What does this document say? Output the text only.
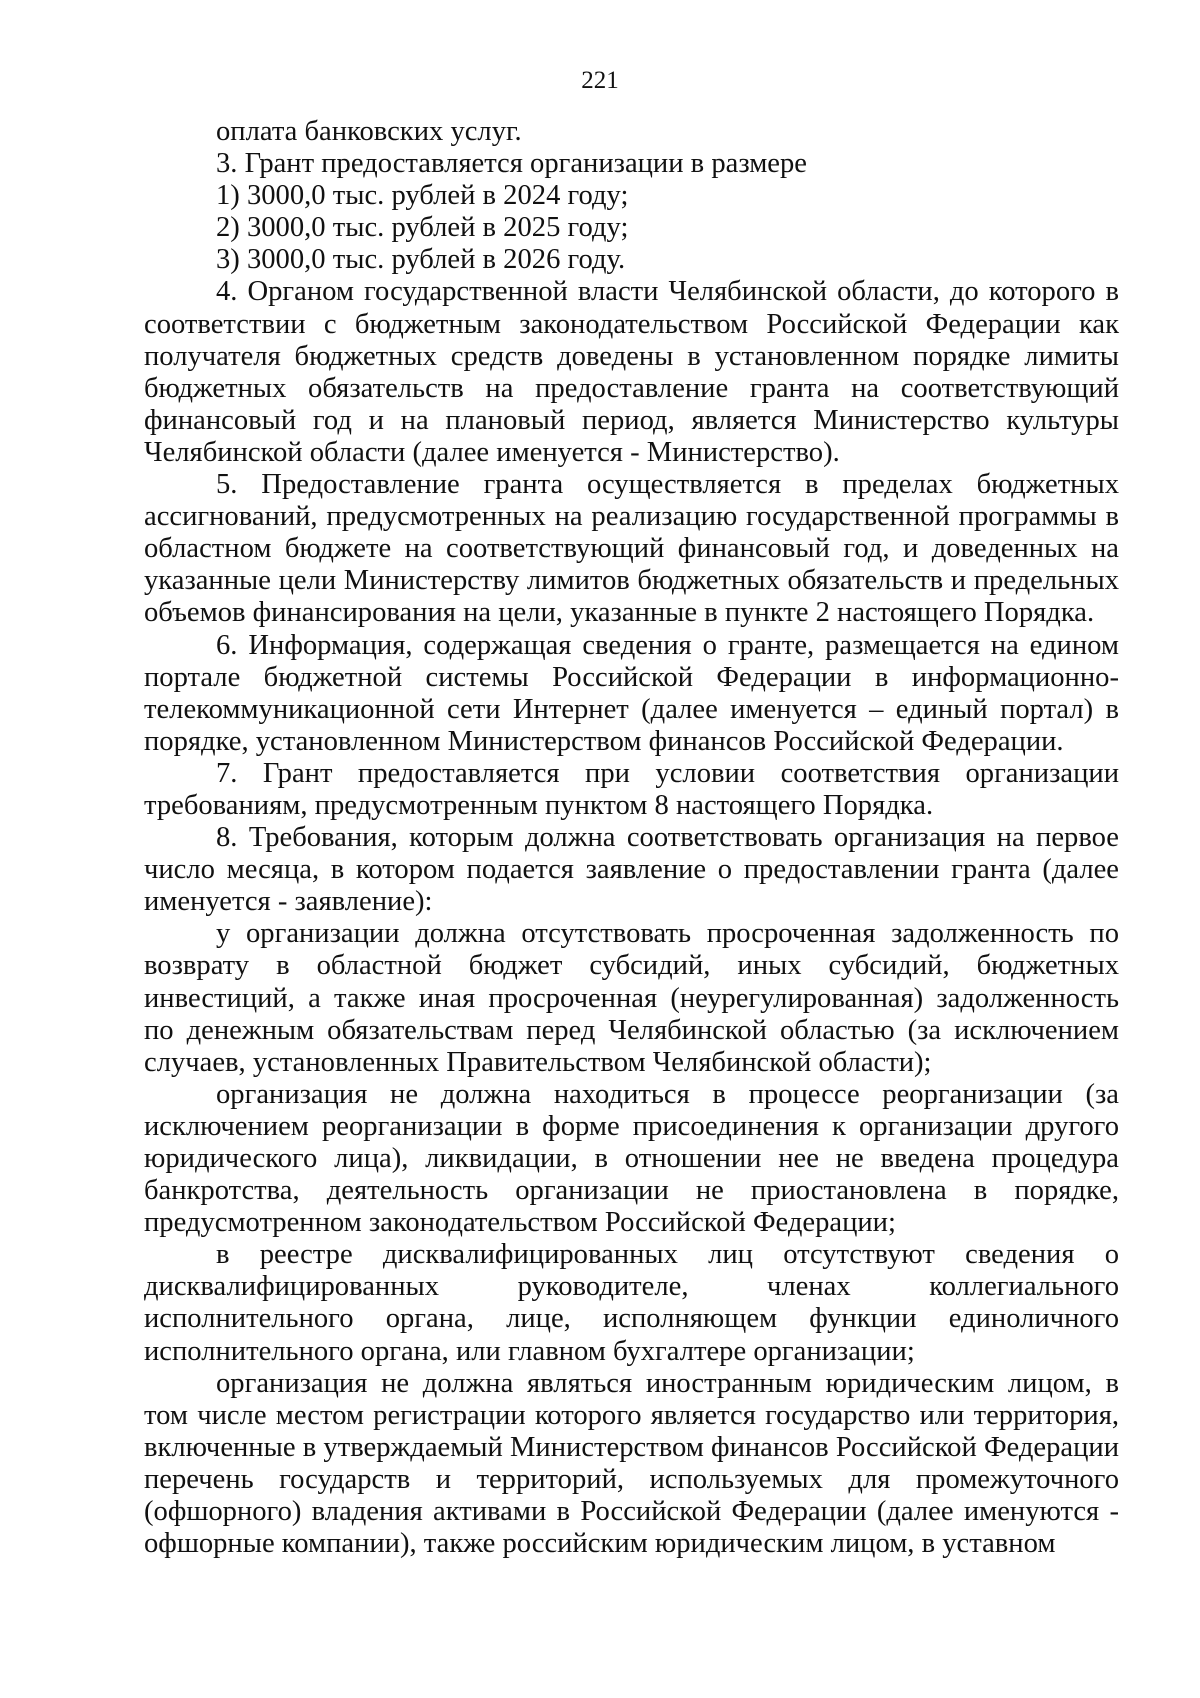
221

оплата банковских услуг.

3. Грант предоставляется организации в размере

1) 3000,0 тыс. рублей в 2024 году;

2) 3000,0 тыс. рублей в 2025 году;

3) 3000,0 тыс. рублей в 2026 году.

4. Органом государственной власти Челябинской области, до которого в соответствии с бюджетным законодательством Российской Федерации как получателя бюджетных средств доведены в установленном порядке лимиты бюджетных обязательств на предоставление гранта на соответствующий финансовый год и на плановый период, является Министерство культуры Челябинской области (далее именуется - Министерство).

5. Предоставление гранта осуществляется в пределах бюджетных ассигнований, предусмотренных на реализацию государственной программы в областном бюджете на соответствующий финансовый год, и доведенных на указанные цели Министерству лимитов бюджетных обязательств и предельных объемов финансирования на цели, указанные в пункте 2 настоящего Порядка.

6. Информация, содержащая сведения о гранте, размещается на едином портале бюджетной системы Российской Федерации в информационно-телекоммуникационной сети Интернет (далее именуется – единый портал) в порядке, установленном Министерством финансов Российской Федерации.

7. Грант предоставляется при условии соответствия организации требованиям, предусмотренным пунктом 8 настоящего Порядка.

8. Требования, которым должна соответствовать организация на первое число месяца, в котором подается заявление о предоставлении гранта (далее именуется - заявление):

у организации должна отсутствовать просроченная задолженность по возврату в областной бюджет субсидий, иных субсидий, бюджетных инвестиций, а также иная просроченная (неурегулированная) задолженность по денежным обязательствам перед Челябинской областью (за исключением случаев, установленных Правительством Челябинской области);

организация не должна находиться в процессе реорганизации (за исключением реорганизации в форме присоединения к организации другого юридического лица), ликвидации, в отношении нее не введена процедура банкротства, деятельность организации не приостановлена в порядке, предусмотренном законодательством Российской Федерации;

в реестре дисквалифицированных лиц отсутствуют сведения о дисквалифицированных руководителе, членах коллегиального исполнительного органа, лице, исполняющем функции единоличного исполнительного органа, или главном бухгалтере организации;

организация не должна являться иностранным юридическим лицом, в том числе местом регистрации которого является государство или территория, включенные в утверждаемый Министерством финансов Российской Федерации перечень государств и территорий, используемых для промежуточного (офшорного) владения активами в Российской Федерации (далее именуются - офшорные компании), также российским юридическим лицом, в уставном
